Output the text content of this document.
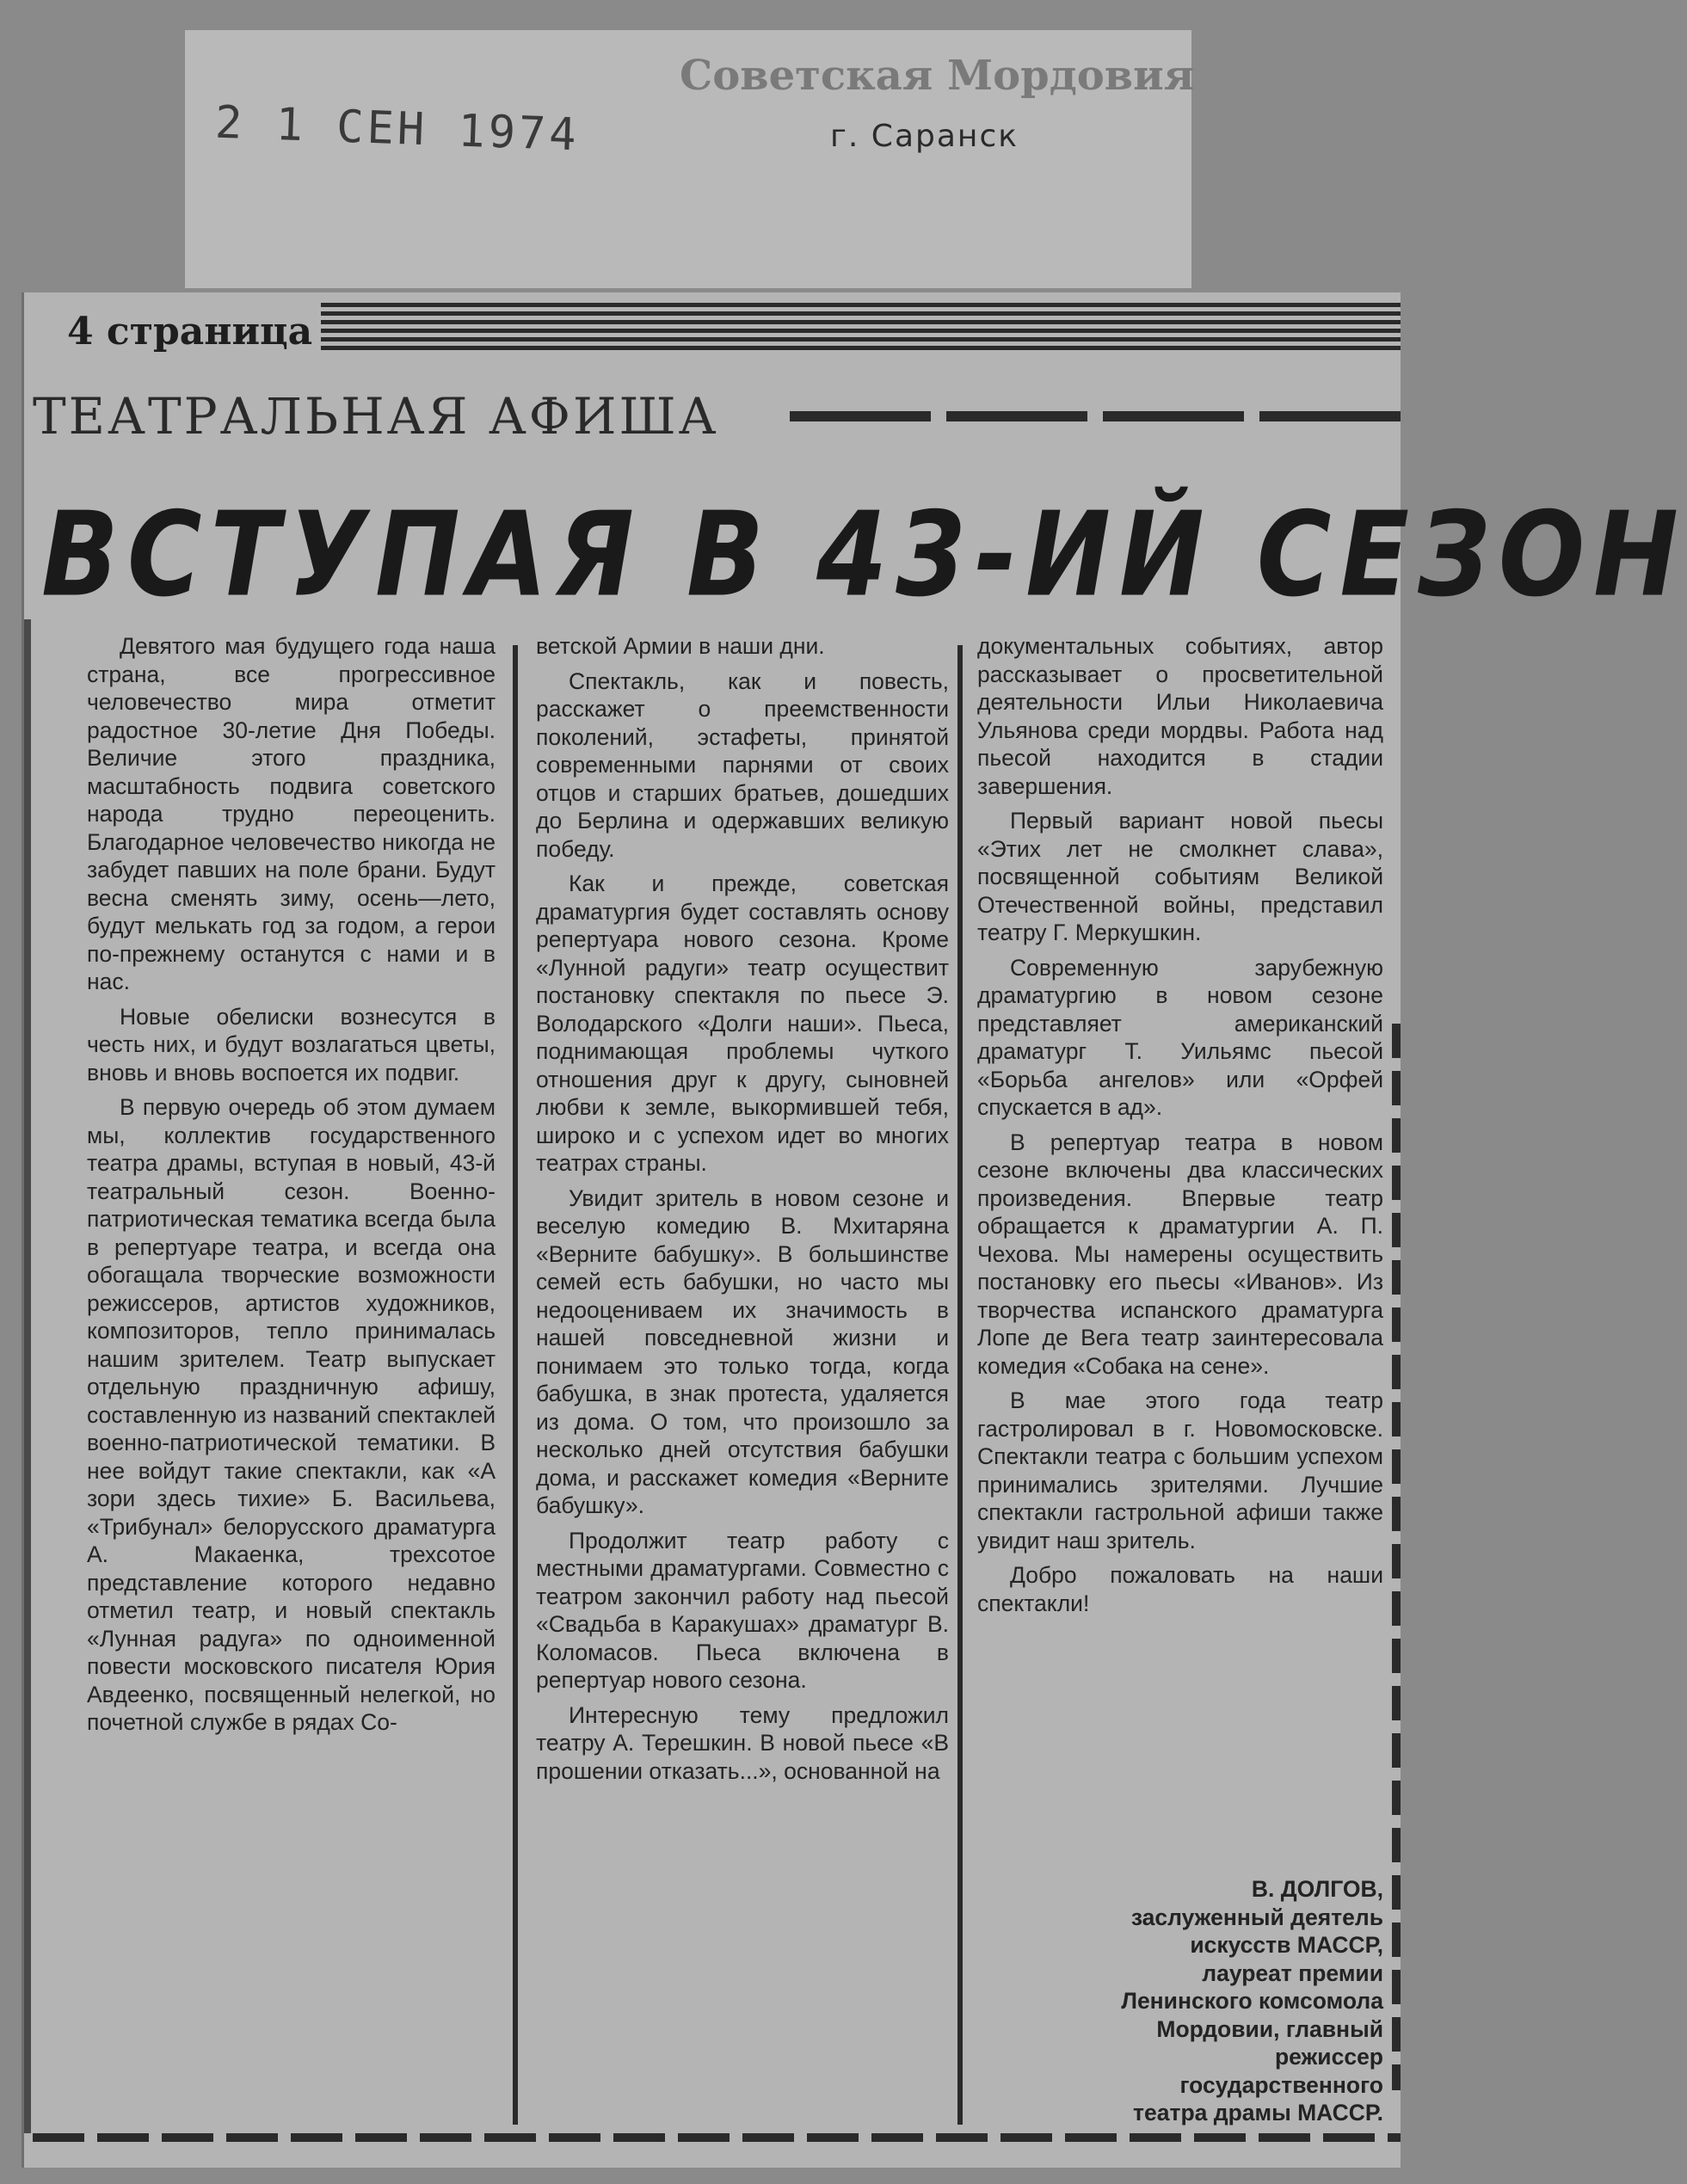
2 1 СЕН 1974
Советская Мордовия
г. Саранск
4 страница
ТЕАТРАЛЬНАЯ АФИША
ВСТУПАЯ В 43-ИЙ СЕЗОН

Девятого мая будущего года наша страна, все прогрессивное человечество мира отметит радостное 30-летие Дня Победы. Величие этого праздника, масштабность подвига советского народа трудно переоценить. Благодарное человечество никогда не забудет павших на поле брани. Будут весна сменять зиму, осень—лето, будут мелькать год за годом, а герои по-прежнему останутся с нами и в нас.

Новые обелиски вознесутся в честь них, и будут возлагаться цветы, вновь и вновь воспоется их подвиг.

В первую очередь об этом думаем мы, коллектив государственного театра драмы, вступая в новый, 43-й театральный сезон. Военно-патриотическая тематика всегда была в репертуаре театра, и всегда она обогащала творческие возможности режиссеров, артистов художников, композиторов, тепло принималась нашим зрителем. Театр выпускает отдельную праздничную афишу, составленную из названий спектаклей военно-патриотической тематики. В нее войдут такие спектакли, как «А зори здесь тихие» Б. Васильева, «Трибунал» белорусского драматурга А. Макаенка, трехсотое представление которого недавно отметил театр, и новый спектакль «Лунная радуга» по одноименной повести московского писателя Юрия Авдеенко, посвященный нелегкой, но почетной службе в рядах Со-

ветской Армии в наши дни.

Спектакль, как и повесть, расскажет о преемственности поколений, эстафеты, принятой современными парнями от своих отцов и старших братьев, дошедших до Берлина и одержавших великую победу.

Как и прежде, советская драматургия будет составлять основу репертуара нового сезона. Кроме «Лунной радуги» театр осуществит постановку спектакля по пьесе Э. Володарского «Долги наши». Пьеса, поднимающая проблемы чуткого отношения друг к другу, сыновней любви к земле, выкормившей тебя, широко и с успехом идет во многих театрах страны.

Увидит зритель в новом сезоне и веселую комедию В. Мхитаряна «Верните бабушку». В большинстве семей есть бабушки, но часто мы недооцениваем их значимость в нашей повседневной жизни и понимаем это только тогда, когда бабушка, в знак протеста, удаляется из дома. О том, что произошло за несколько дней отсутствия бабушки дома, и расскажет комедия «Верните бабушку».

Продолжит театр работу с местными драматургами. Совместно с театром закончил работу над пьесой «Свадьба в Каракушах» драматург В. Коломасов. Пьеса включена в репертуар нового сезона.

Интересную тему предложил театру А. Терешкин. В новой пьесе «В прошении отказать...», основанной на

документальных событиях, автор рассказывает о просветительной деятельности Ильи Николаевича Ульянова среди мордвы. Работа над пьесой находится в стадии завершения.

Первый вариант новой пьесы «Этих лет не смолкнет слава», посвященной событиям Великой Отечественной войны, представил театру Г. Меркушкин.

Современную зарубежную драматургию в новом сезоне представляет американский драматург Т. Уильямс пьесой «Борьба ангелов» или «Орфей спускается в ад».

В репертуар театра в новом сезоне включены два классических произведения. Впервые театр обращается к драматургии А. П. Чехова. Мы намерены осуществить постановку его пьесы «Иванов». Из творчества испанского драматурга Лопе де Вега театр заинтересовала комедия «Собака на сене».

В мае этого года театр гастролировал в г. Новомосковске. Спектакли театра с большим успехом принимались зрителями. Лучшие спектакли гастрольной афиши также увидит наш зритель.

Добро пожаловать на наши спектакли!

В. ДОЛГОВ,
заслуженный деятель
искусств МАССР,
лауреат премии
Ленинского комсомола
Мордовии, главный
режиссер
государственного
театра драмы МАССР.
